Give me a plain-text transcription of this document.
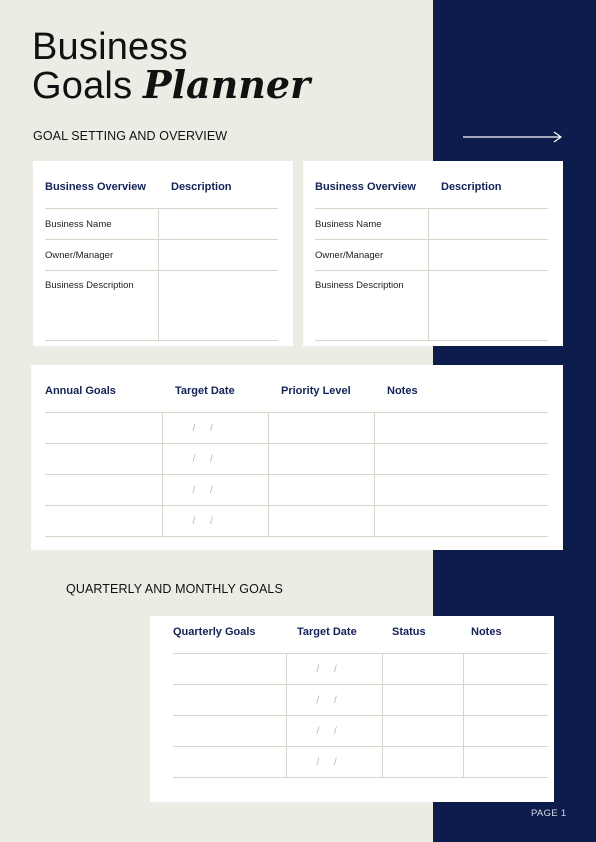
Business
Goals Planner
GOAL SETTING AND OVERVIEW
Business Overview	Description
Business Name	
Owner/Manager	
Business Description	
Business Overview	Description
Business Name	
Owner/Manager	
Business Description	
Annual Goals	Target Date	Priority Level	Notes
	/ /		
	/ /		
	/ /		
	/ /		
QUARTERLY AND MONTHLY GOALS
Quarterly Goals	Target Date	Status	Notes
	/ /		
	/ /		
	/ /		
	/ /		
PAGE 1
